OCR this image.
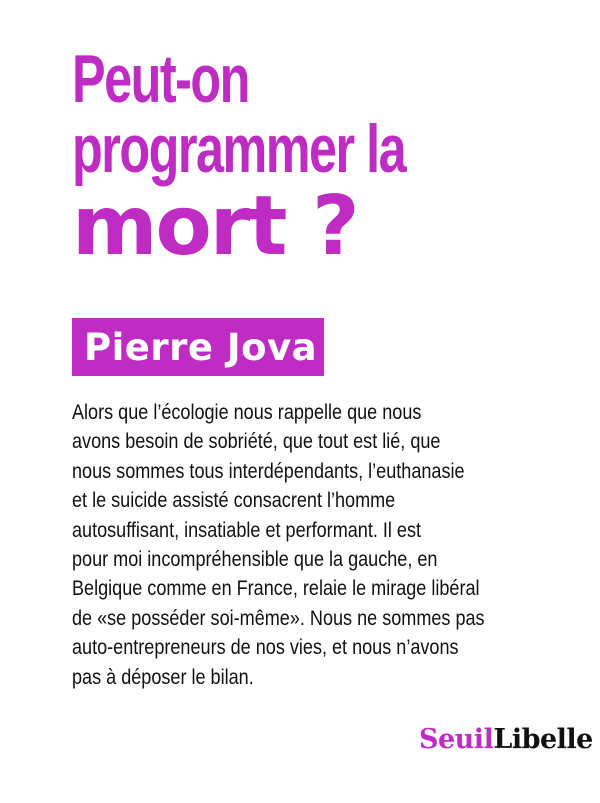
Peut-on
programmer la
mort ?
Pierre Jova
Alors que l’écologie nous rappelle que nous
avons besoin de sobriété, que tout est lié, que
nous sommes tous interdépendants, l’euthanasie
et le suicide assisté consacrent l’homme
autosuffisant, insatiable et performant. Il est
pour moi incompréhensible que la gauche, en
Belgique comme en France, relaie le mirage libéral
de «se posséder soi-même». Nous ne sommes pas
auto-entrepreneurs de nos vies, et nous n’avons
pas à déposer le bilan.
Seuil Libelle
